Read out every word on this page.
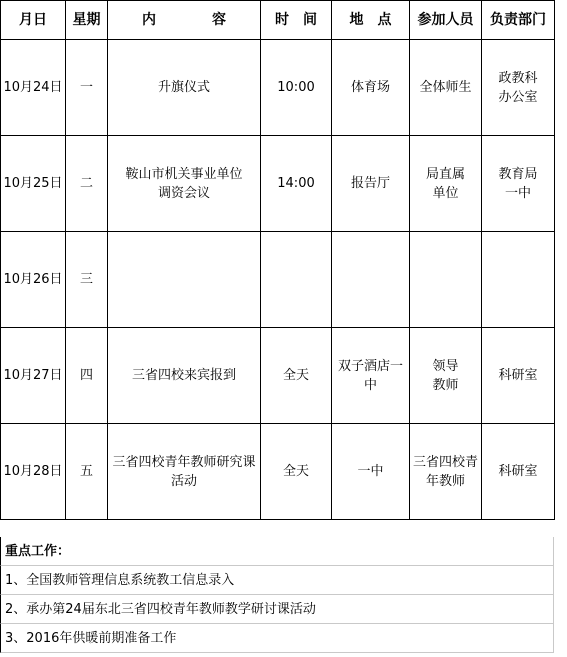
月日	星期	内　　　　容	时　间	地　点	参加人员	负责部门
10月24日	一	升旗仪式	10:00	体育场	全体师生	政教科办公室
10月25日	二	鞍山市机关事业单位调资会议	14:00	报告厅	局直属单位	教育局一中
10月26日	三					
10月27日	四	三省四校来宾报到	全天	双子酒店一中	领导教师	科研室
10月28日	五	三省四校青年教师研究课活动	全天	一中	三省四校青年教师	科研室
重点工作：
1、全国教师管理信息系统教工信息录入
2、承办第24届东北三省四校青年教师教学研讨课活动
3、2016年供暖前期准备工作
